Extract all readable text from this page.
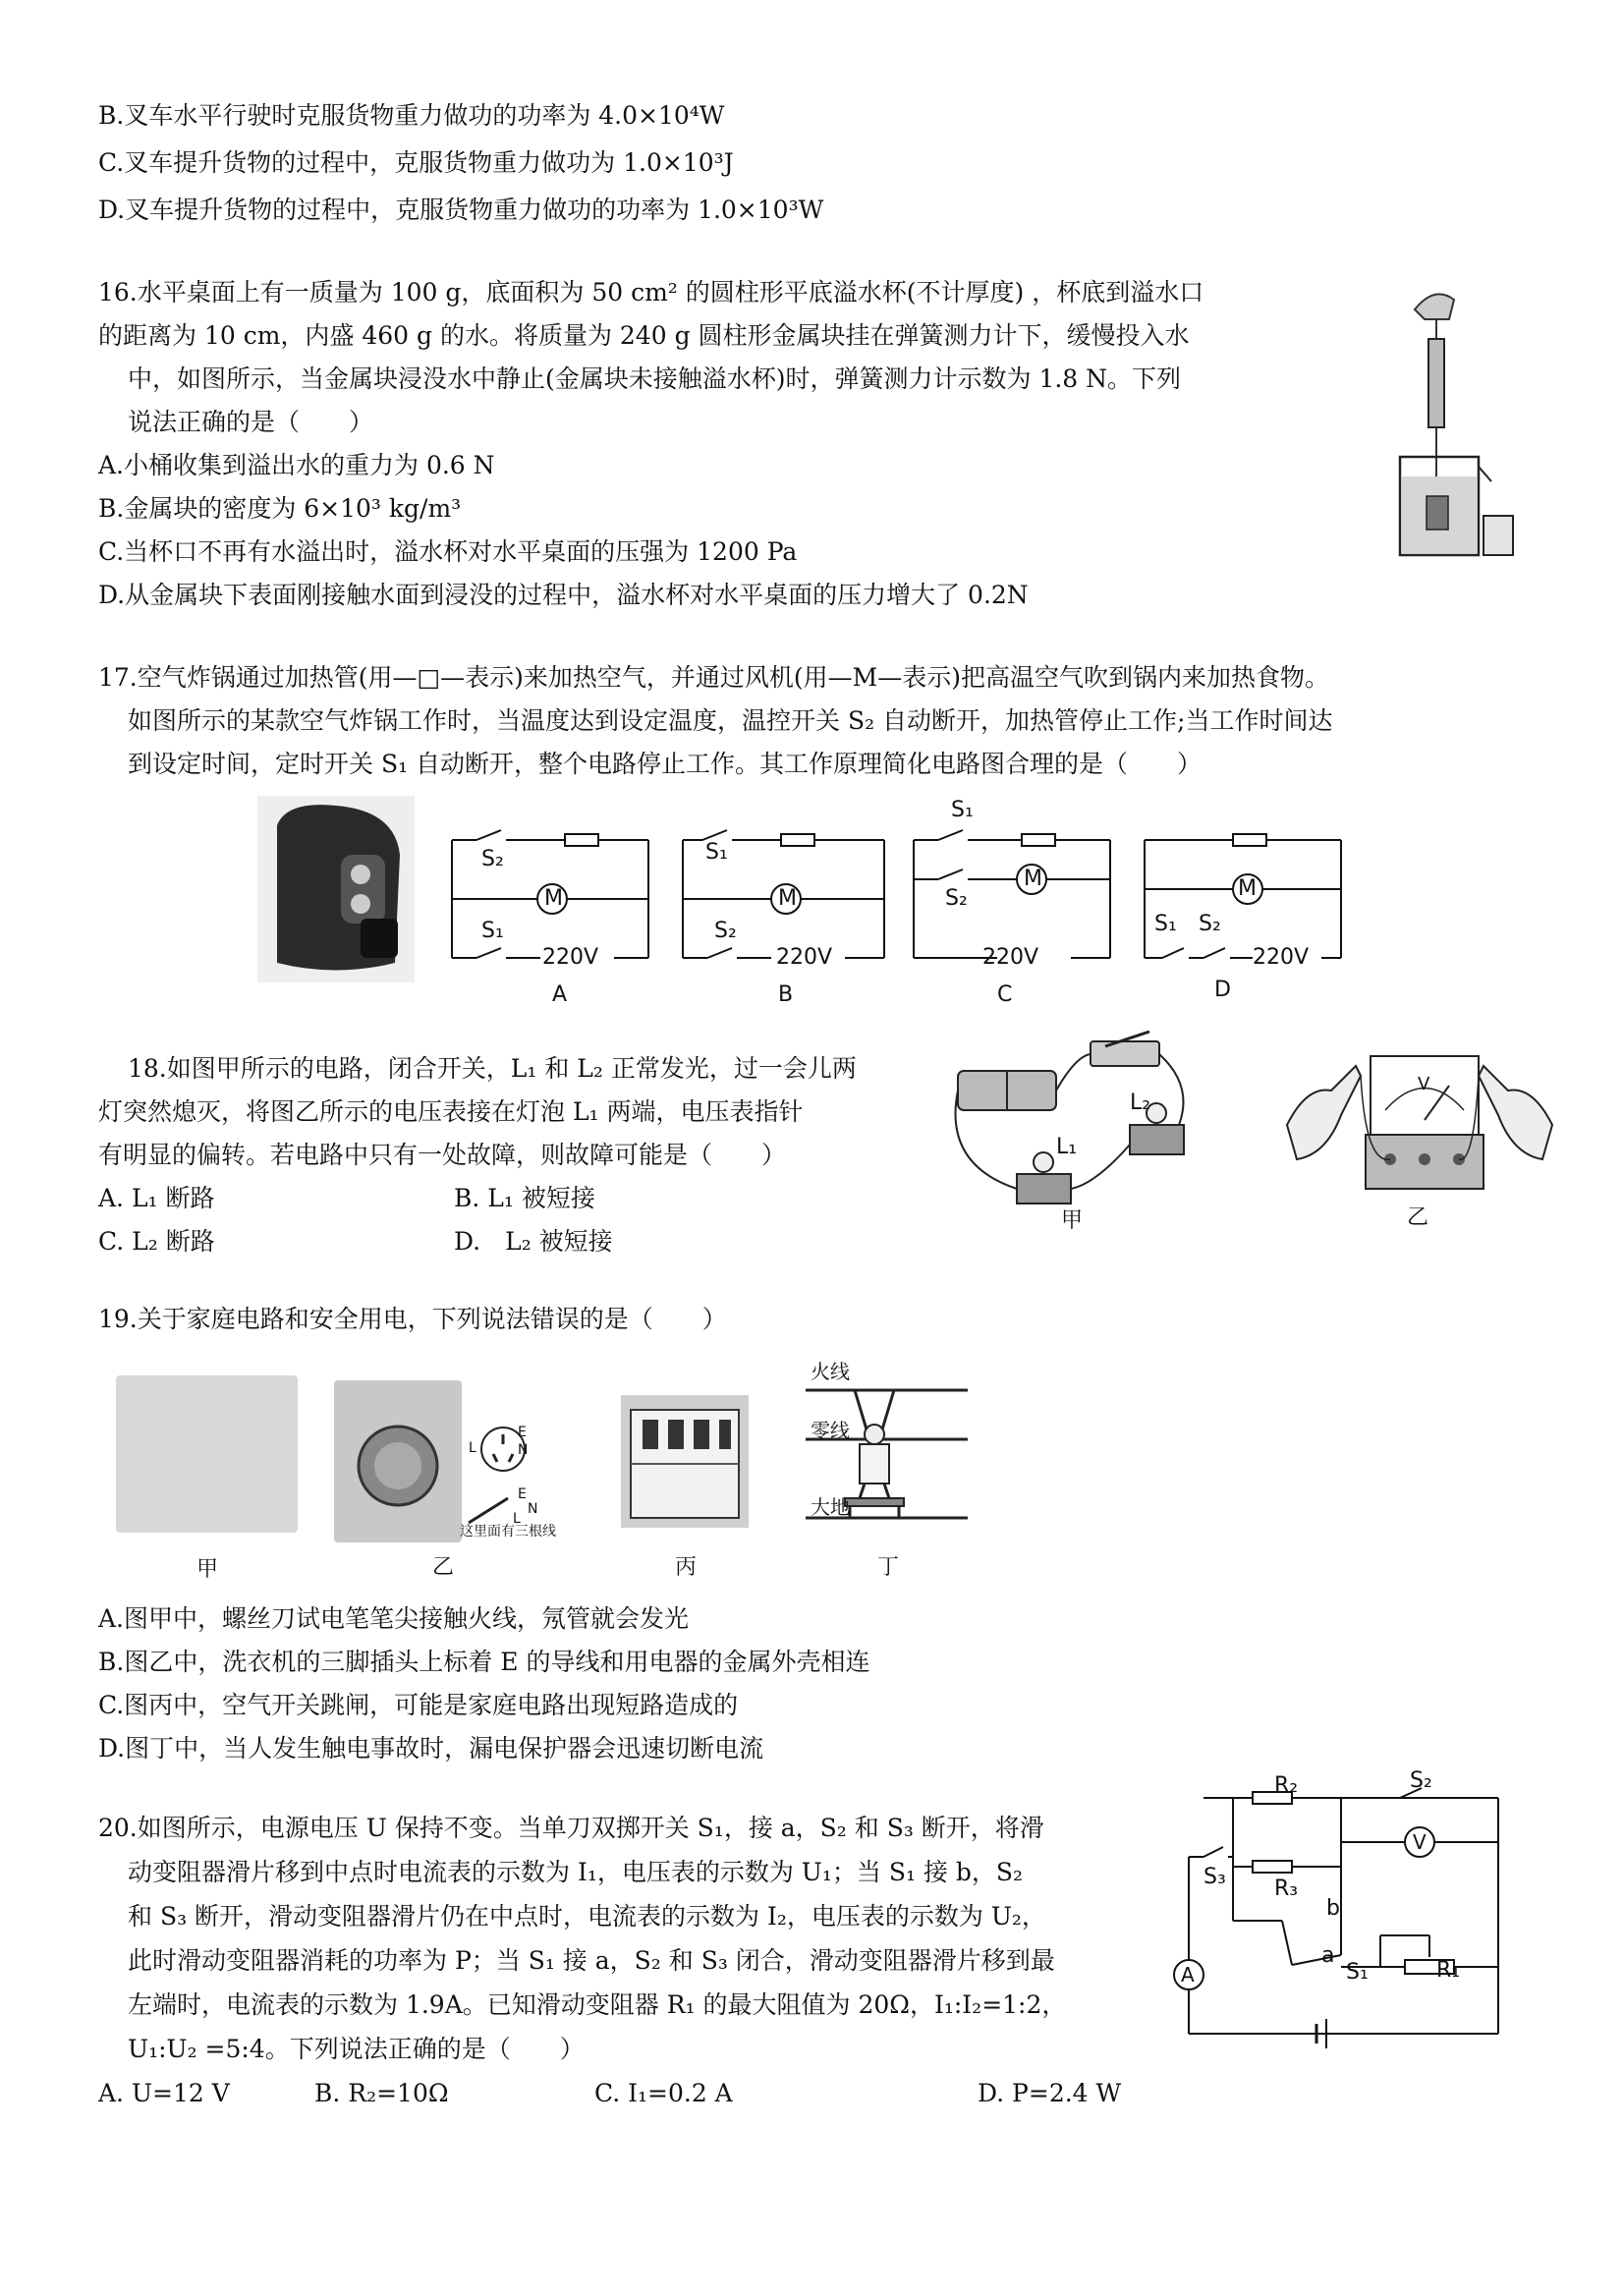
B.叉车水平行驶时克服货物重力做功的功率为 4.0×10⁴W
C.叉车提升货物的过程中，克服货物重力做功为 1.0×10³J
D.叉车提升货物的过程中，克服货物重力做功的功率为 1.0×10³W
16.水平桌面上有一质量为 100 g，底面积为 50 cm² 的圆柱形平底溢水杯(不计厚度) ，杯底到溢水口
的距离为 10 cm，内盛 460 g 的水。将质量为 240 g 圆柱形金属块挂在弹簧测力计下，缓慢投入水
中，如图所示，当金属块浸没水中静止(金属块未接触溢水杯)时，弹簧测力计示数为 1.8 N。下列
说法正确的是（　　）
A.小桶收集到溢出水的重力为 0.6 N
B.金属块的密度为 6×10³ kg/m³
C.当杯口不再有水溢出时，溢水杯对水平桌面的压强为 1200 Pa
D.从金属块下表面刚接触水面到浸没的过程中，溢水杯对水平桌面的压力增大了 0.2N
17.空气炸锅通过加热管(用—□—表示)来加热空气，并通过风机(用—M—表示)把高温空气吹到锅内来加热食物。
如图所示的某款空气炸锅工作时，当温度达到设定温度，温控开关 S₂ 自动断开，加热管停止工作;当工作时间达
到设定时间，定时开关 S₁ 自动断开，整个电路停止工作。其工作原理简化电路图合理的是（　　）
S₂
M
S₁
220V
A
S₁
M
S₂
220V
B
S₁
M
S₂
220V
C
M
S₁ S₂
220V
D
18.如图甲所示的电路，闭合开关，L₁ 和 L₂ 正常发光，过一会儿两
灯突然熄灭，将图乙所示的电压表接在灯泡 L₁ 两端，电压表指针
有明显的偏转。若电路中只有一处故障，则故障可能是（　　）
A. L₁ 断路	B. L₁ 被短接
C. L₂ 断路	D.　L₂ 被短接
L₁
L₂
甲
V
乙
19.关于家庭电路和安全用电，下列说法错误的是（　　）
E
N
L
E
N
L
这里面有三根线
火线
零线
大地
甲	乙	丙	丁
A.图甲中，螺丝刀试电笔笔尖接触火线，氖管就会发光
B.图乙中，洗衣机的三脚插头上标着 E 的导线和用电器的金属外壳相连
C.图丙中，空气开关跳闸，可能是家庭电路出现短路造成的
D.图丁中，当人发生触电事故时，漏电保护器会迅速切断电流
20.如图所示，电源电压 U 保持不变。当单刀双掷开关 S₁，接 a，S₂ 和 S₃ 断开，将滑
动变阻器滑片移到中点时电流表的示数为 I₁，电压表的示数为 U₁；当 S₁ 接 b，S₂
和 S₃ 断开，滑动变阻器滑片仍在中点时，电流表的示数为 I₂，电压表的示数为 U₂，
此时滑动变阻器消耗的功率为 P；当 S₁ 接 a，S₂ 和 S₃ 闭合，滑动变阻器滑片移到最
左端时，电流表的示数为 1.9A。已知滑动变阻器 R₁ 的最大阻值为 20Ω，I₁:I₂=1:2，
U₁:U₂ =5:4。下列说法正确的是（　　）
A. U=12 V	B. R₂=10Ω	C. I₁=0.2 A	D. P=2.4 W
R₂	S₂
V
S₃ R₃
b
a
S₁	R₁
A
